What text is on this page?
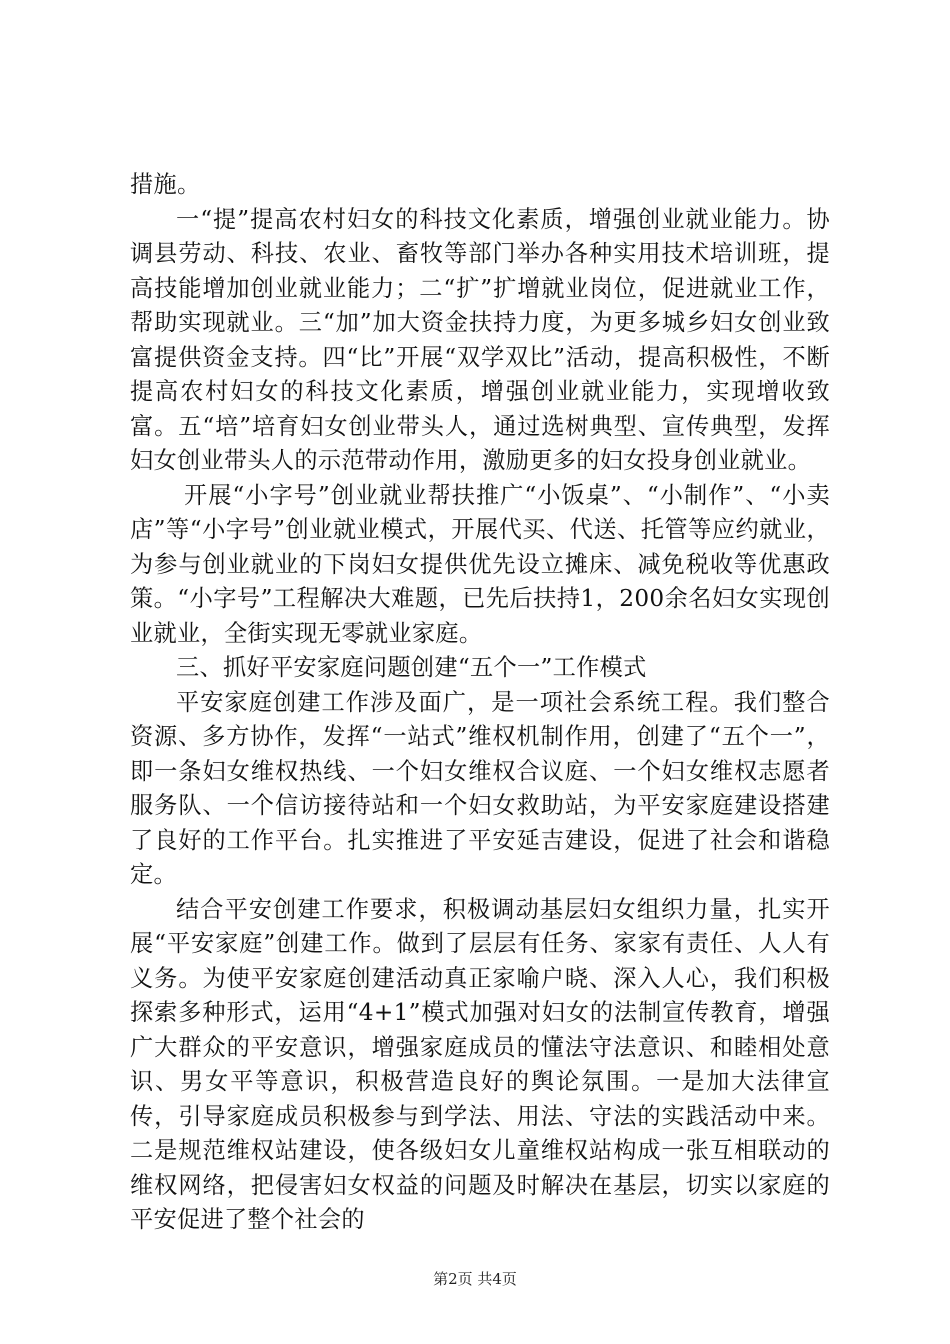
措施。

一“提”提高农村妇女的科技文化素质，增强创业就业能力。协调县劳动、科技、农业、畜牧等部门举办各种实用技术培训班，提高技能增加创业就业能力；二“扩”扩增就业岗位，促进就业工作，帮助实现就业。三“加”加大资金扶持力度，为更多城乡妇女创业致富提供资金支持。四“比”开展“双学双比”活动，提高积极性，不断提高农村妇女的科技文化素质，增强创业就业能力，实现增收致富。五“培”培育妇女创业带头人，通过选树典型、宣传典型，发挥妇女创业带头人的示范带动作用，激励更多的妇女投身创业就业。

开展“小字号”创业就业帮扶推广“小饭桌”、“小制作”、“小卖店”等“小字号”创业就业模式，开展代买、代送、托管等应约就业，为参与创业就业的下岗妇女提供优先设立摊床、减免税收等优惠政策。“小字号”工程解决大难题，已先后扶持1，200余名妇女实现创业就业，全街实现无零就业家庭。

三、抓好平安家庭问题创建“五个一”工作模式

平安家庭创建工作涉及面广，是一项社会系统工程。我们整合资源、多方协作，发挥“一站式”维权机制作用，创建了“五个一”，即一条妇女维权热线、一个妇女维权合议庭、一个妇女维权志愿者服务队、一个信访接待站和一个妇女救助站，为平安家庭建设搭建了良好的工作平台。扎实推进了平安延吉建设，促进了社会和谐稳定。

结合平安创建工作要求，积极调动基层妇女组织力量，扎实开展“平安家庭”创建工作。做到了层层有任务、家家有责任、人人有义务。为使平安家庭创建活动真正家喻户晓、深入人心，我们积极探索多种形式，运用“4+1”模式加强对妇女的法制宣传教育，增强广大群众的平安意识，增强家庭成员的懂法守法意识、和睦相处意识、男女平等意识，积极营造良好的舆论氛围。一是加大法律宣传，引导家庭成员积极参与到学法、用法、守法的实践活动中来。二是规范维权站建设，使各级妇女儿童维权站构成一张互相联动的维权网络，把侵害妇女权益的问题及时解决在基层，切实以家庭的平安促进了整个社会的

第2页 共4页
